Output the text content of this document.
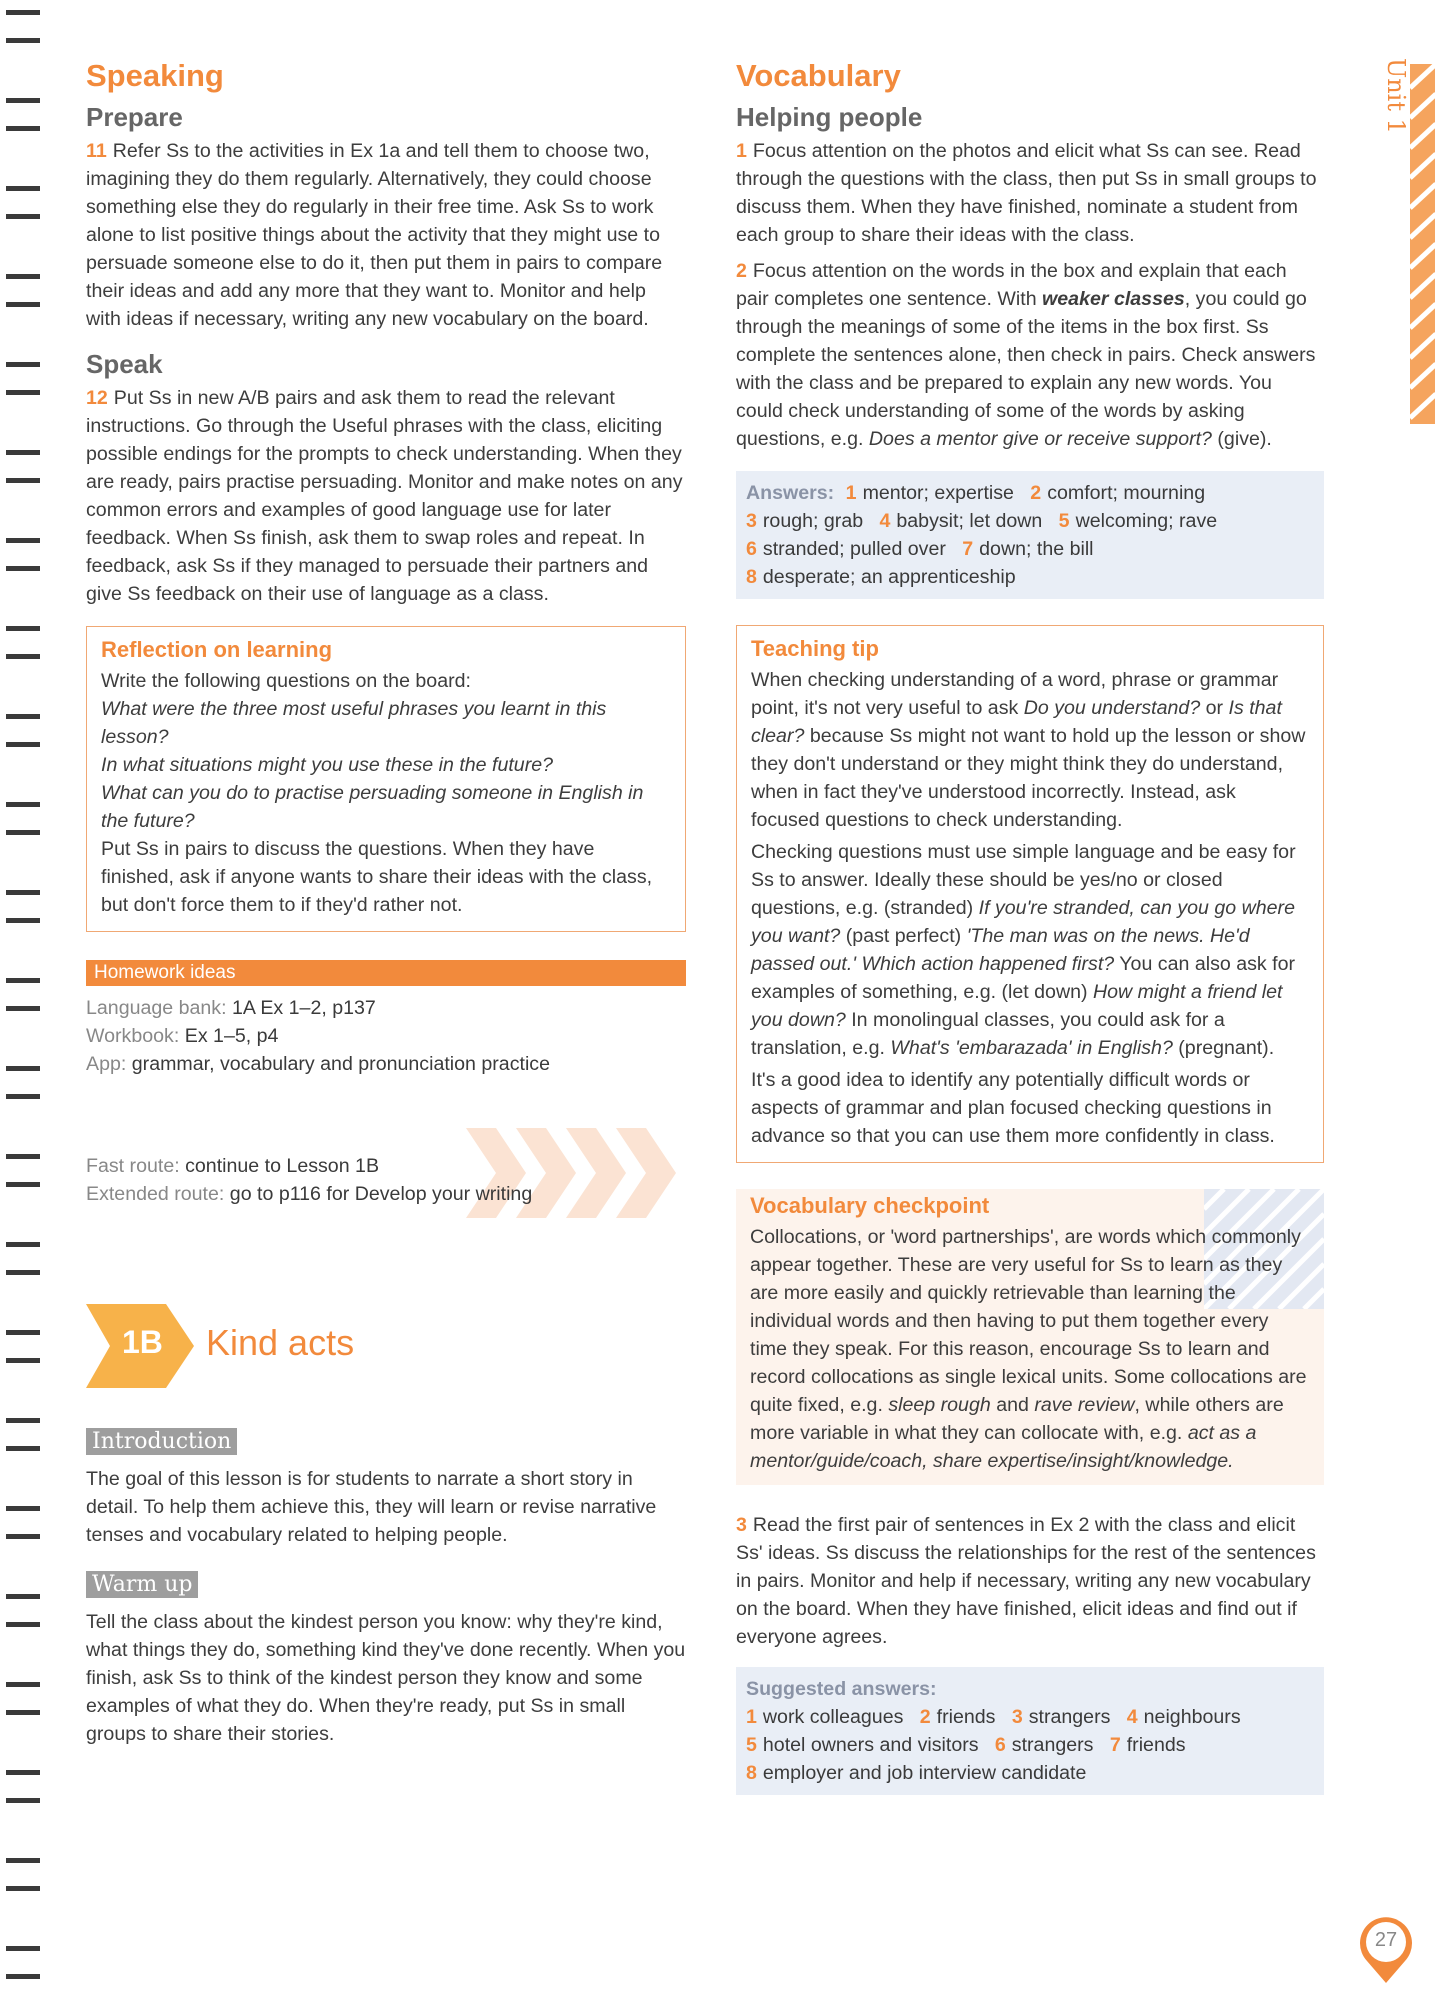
Speaking
Prepare

11 Refer Ss to the activities in Ex 1a and tell them to choose two, imagining they do them regularly. Alternatively, they could choose something else they do regularly in their free time. Ask Ss to work alone to list positive things about the activity that they might use to persuade someone else to do it, then put them in pairs to compare their ideas and add any more that they want to. Monitor and help with ideas if necessary, writing any new vocabulary on the board.

Speak

12 Put Ss in new A/B pairs and ask them to read the relevant instructions. Go through the Useful phrases with the class, eliciting possible endings for the prompts to check understanding. When they are ready, pairs practise persuading. Monitor and make notes on any common errors and examples of good language use for later feedback. When Ss finish, ask them to swap roles and repeat. In feedback, ask Ss if they managed to persuade their partners and give Ss feedback on their use of language as a class.

Reflection on learning

Write the following questions on the board:

What were the three most useful phrases you learnt in this lesson?

In what situations might you use these in the future?

What can you do to practise persuading someone in English in the future?

Put Ss in pairs to discuss the questions. When they have finished, ask if anyone wants to share their ideas with the class, but don't force them to if they'd rather not.

Homework ideas

Language bank: 1A Ex 1–2, p137

Workbook: Ex 1–5, p4

App: grammar, vocabulary and pronunciation practice

Fast route: continue to Lesson 1B

Extended route: go to p116 for Develop your writing

1B Kind acts
Introduction

The goal of this lesson is for students to narrate a short story in detail. To help them achieve this, they will learn or revise narrative tenses and vocabulary related to helping people.

Warm up

Tell the class about the kindest person you know: why they're kind, what things they do, something kind they've done recently. When you finish, ask Ss to think of the kindest person they know and some examples of what they do. When they're ready, put Ss in small groups to share their stories.

Vocabulary
Helping people

1 Focus attention on the photos and elicit what Ss can see. Read through the questions with the class, then put Ss in small groups to discuss them. When they have finished, nominate a student from each group to share their ideas with the class.

2 Focus attention on the words in the box and explain that each pair completes one sentence. With weaker classes, you could go through the meanings of some of the items in the box first. Ss complete the sentences alone, then check in pairs. Check answers with the class and be prepared to explain any new words. You could check understanding of some of the words by asking questions, e.g. Does a mentor give or receive support? (give).

Answers: 1 mentor; expertise 2 comfort; mourning

3 rough; grab 4 babysit; let down 5 welcoming; rave

6 stranded; pulled over 7 down; the bill

8 desperate; an apprenticeship

Teaching tip

When checking understanding of a word, phrase or grammar point, it's not very useful to ask Do you understand? or Is that clear? because Ss might not want to hold up the lesson or show they don't understand or they might think they do understand, when in fact they've understood incorrectly. Instead, ask focused questions to check understanding.

Checking questions must use simple language and be easy for Ss to answer. Ideally these should be yes/no or closed questions, e.g. (stranded) If you're stranded, can you go where you want? (past perfect) 'The man was on the news. He'd passed out.' Which action happened first? You can also ask for examples of something, e.g. (let down) How might a friend let you down? In monolingual classes, you could ask for a translation, e.g. What's 'embarazada' in English? (pregnant).

It's a good idea to identify any potentially difficult words or aspects of grammar and plan focused checking questions in advance so that you can use them more confidently in class.

Vocabulary checkpoint

Collocations, or 'word partnerships', are words which commonly appear together. These are very useful for Ss to learn as they are more easily and quickly retrievable than learning the individual words and then having to put them together every time they speak. For this reason, encourage Ss to learn and record collocations as single lexical units. Some collocations are quite fixed, e.g. sleep rough and rave review, while others are more variable in what they can collocate with, e.g. act as a mentor/guide/coach, share expertise/insight/knowledge.

3 Read the first pair of sentences in Ex 2 with the class and elicit Ss' ideas. Ss discuss the relationships for the rest of the sentences in pairs. Monitor and help if necessary, writing any new vocabulary on the board. When they have finished, elicit ideas and find out if everyone agrees.

Suggested answers:

1 work colleagues 2 friends 3 strangers 4 neighbours

5 hotel owners and visitors 6 strangers 7 friends

8 employer and job interview candidate

Unit 1
27
